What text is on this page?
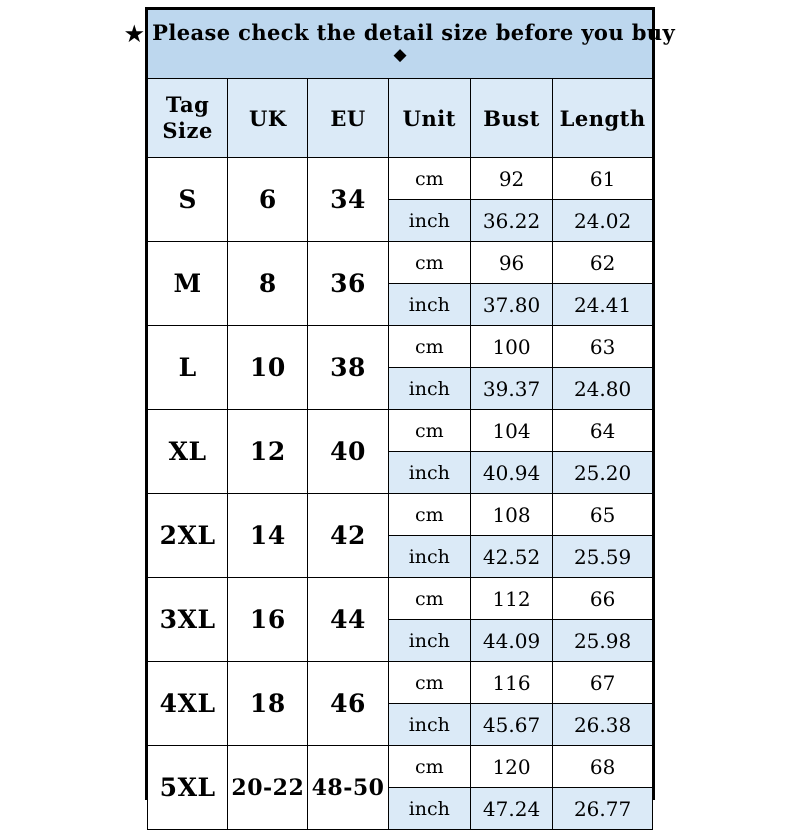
★ Please check the detail size before you buy
◆					

Tag
Size	UK	EU	Unit	Bust	Length
S	6	34	cm	92	61
			inch	36.22	24.02
M	8	36	cm	96	62
			inch	37.80	24.41
L	10	38	cm	100	63
			inch	39.37	24.80
XL	12	40	cm	104	64
			inch	40.94	25.20
2XL	14	42	cm	108	65
			inch	42.52	25.59
3XL	16	44	cm	112	66
			inch	44.09	25.98
4XL	18	46	cm	116	67
			inch	45.67	26.38
5XL	20-22	48-50	cm	120	68
			inch	47.24	26.77
